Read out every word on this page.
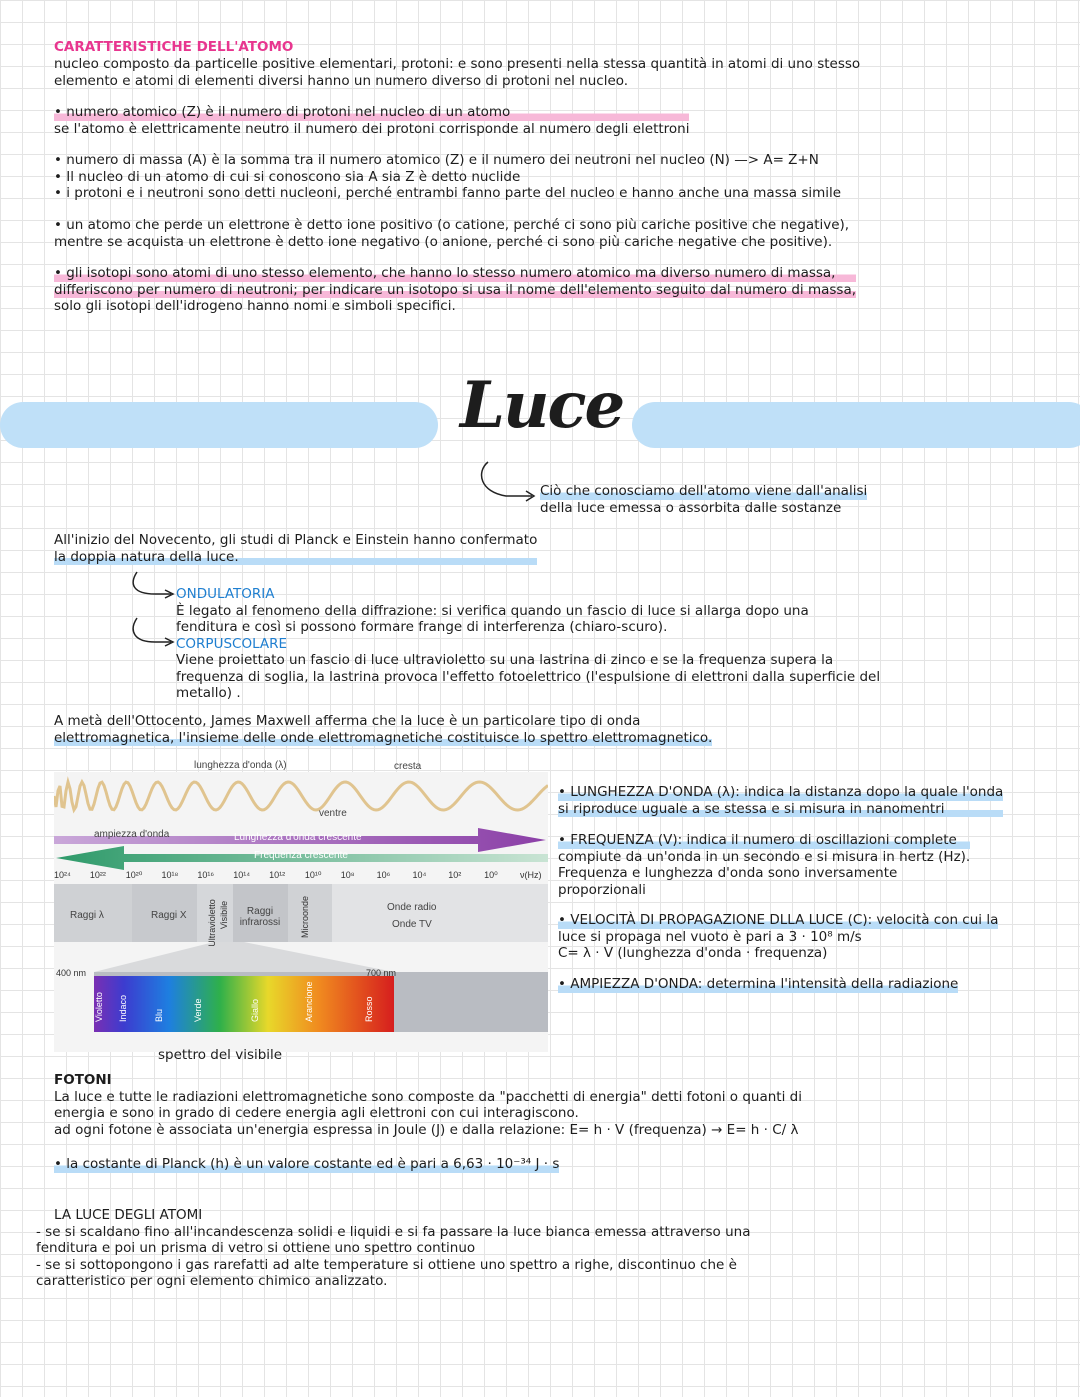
CARATTERISTICHE DELL'ATOMO
nucleo composto da particelle positive elementari, protoni: e sono presenti nella stessa quantità in atomi di uno stesso
elemento e atomi di elementi diversi hanno un numero diverso di protoni nel nucleo.
• numero atomico (Z) è il numero di protoni nel nucleo di un atomo
se l'atomo è elettricamente neutro il numero dei protoni corrisponde al numero degli elettroni
• numero di massa (A) è la somma tra il numero atomico (Z) e il numero dei neutroni nel nucleo (N) —> A= Z+N
• Il nucleo di un atomo di cui si conoscono sia A sia Z è detto nuclide
• i protoni e i neutroni sono detti nucleoni, perché entrambi fanno parte del nucleo e hanno anche una massa simile
• un atomo che perde un elettrone è detto ione positivo (o catione, perché ci sono più cariche positive che negative),
mentre se acquista un elettrone è detto ione negativo (o anione, perché ci sono più cariche negative che positive).
• gli isotopi sono atomi di uno stesso elemento, che hanno lo stesso numero atomico ma diverso numero di massa,
differiscono per numero di neutroni; per indicare un isotopo si usa il nome dell'elemento seguito dal numero di massa,
solo gli isotopi dell'idrogeno hanno nomi e simboli specifici.
Luce
Ciò che conosciamo dell'atomo viene dall'analisi
della luce emessa o assorbita dalle sostanze
All'inizio del Novecento, gli studi di Planck e Einstein hanno confermato
la doppia natura della luce.
ONDULATORIA
È legato al fenomeno della diffrazione: si verifica quando un fascio di luce si allarga dopo una
fenditura e così si possono formare frange di interferenza (chiaro-scuro).
CORPUSCOLARE
Viene proiettato un fascio di luce ultravioletto su una lastrina di zinco e se la frequenza supera la
frequenza di soglia, la lastrina provoca l'effetto fotoelettrico (l'espulsione di elettroni dalla superficie del
metallo) .
A metà dell'Ottocento, James Maxwell afferma che la luce è un particolare tipo di onda
elettromagnetica, l'insieme delle onde elettromagnetiche costituisce lo spettro elettromagnetico.
lunghezza d'onda (λ)	cresta
ventre
ampiezza d'onda	Lunghezza d'onda crescente
Frequenza crescente
10²⁴ 10²² 10²⁰ 10¹⁸ 10¹⁶ 10¹⁴ 10¹² 10¹⁰ 10⁸ 10⁶ 10⁴ 10²	10⁰ ν(Hz)
Raggi λ	Raggi X Ultravioletto Visibile	Raggi infrarossi	Microonde	Onde radio
Onde TV
400 nm	700 nm
Violetto Indaco	Blu	Verde	Giallo	Arancione	Rosso
spettro del visibile
• LUNGHEZZA D'ONDA (λ): indica la distanza dopo la quale l'onda
si riproduce uguale a se stessa e si misura in nanomentri
• FREQUENZA (V): indica il numero di oscillazioni complete
compiute da un'onda in un secondo e si misura in hertz (Hz).
Frequenza e lunghezza d'onda sono inversamente
proporzionali
• VELOCITÀ DI PROPAGAZIONE DLLA LUCE (C): velocità con cui la
luce si propaga nel vuoto è pari a 3 · 10⁸ m/s
C= λ · V (lunghezza d'onda · frequenza)
• AMPIEZZA D'ONDA: determina l'intensità della radiazione
FOTONI
La luce e tutte le radiazioni elettromagnetiche sono composte da "pacchetti di energia" detti fotoni o quanti di
energia e sono in grado di cedere energia agli elettroni con cui interagiscono.
ad ogni fotone è associata un'energia espressa in Joule (J) e dalla relazione: E= h · V (frequenza) → E= h · C/ λ
• la costante di Planck (h) è un valore costante ed è pari a 6,63 · 10⁻³⁴ J · s
LA LUCE DEGLI ATOMI
- se si scaldano fino all'incandescenza solidi e liquidi e si fa passare la luce bianca emessa attraverso una
fenditura e poi un prisma di vetro si ottiene uno spettro continuo
- se si sottopongono i gas rarefatti ad alte temperature si ottiene uno spettro a righe, discontinuo che è
caratteristico per ogni elemento chimico analizzato.
